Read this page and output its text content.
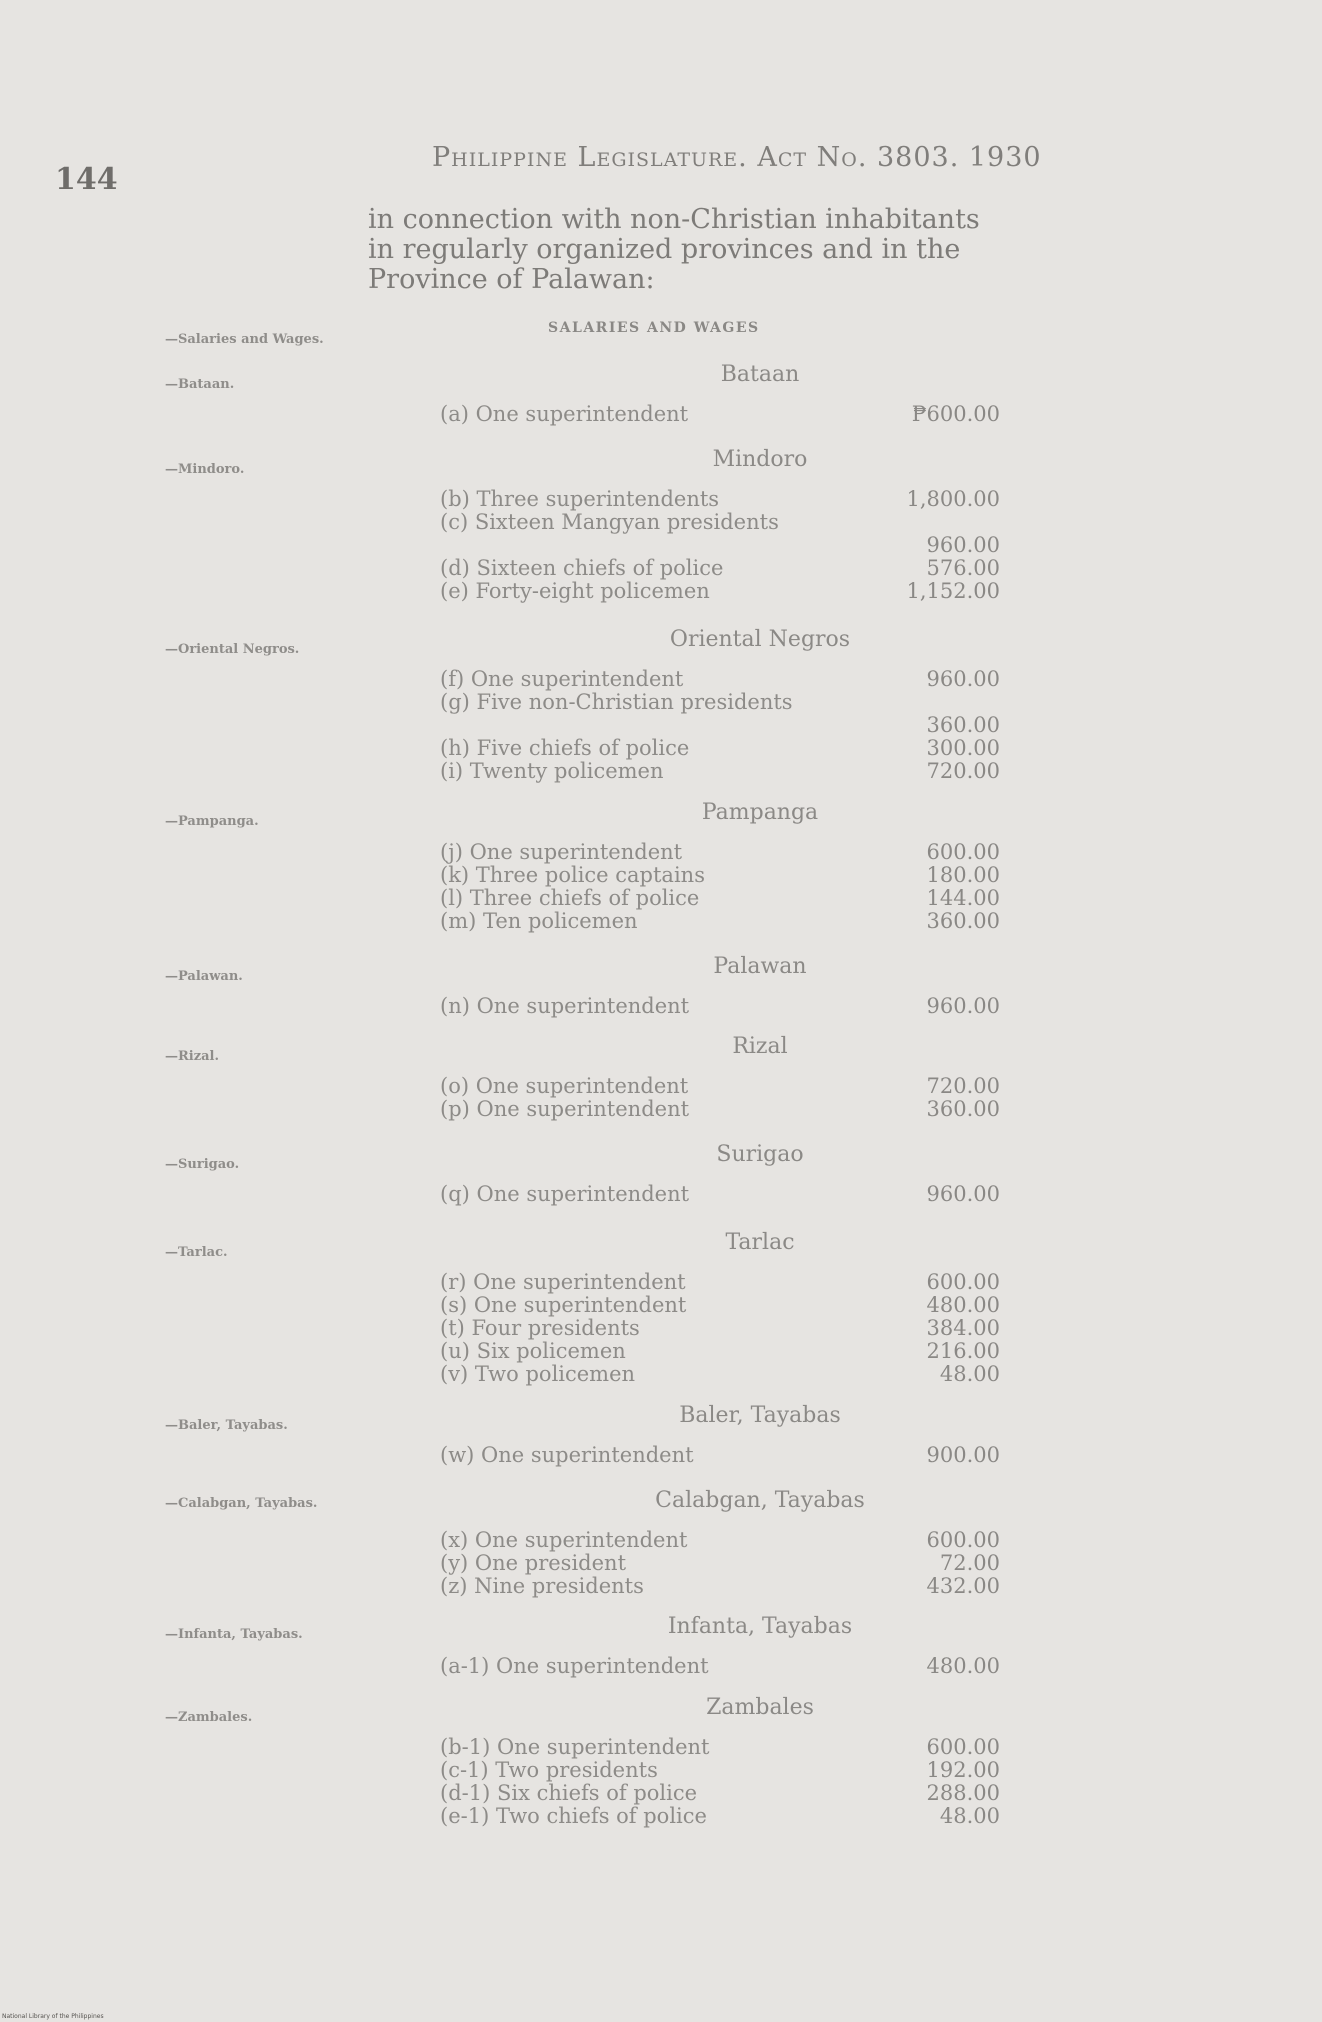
144
Philippine Legislature. Act No. 3803. 1930
in connection with non-Christian inhabitants in regularly organized provinces and in the Province of Palawan:
SALARIES AND WAGES
—Salaries and Wages.
—Bataan.
—Mindoro.
—Oriental Negros.
—Pampanga.
—Palawan.
—Rizal.
—Surigao.
—Tarlac.
—Baler, Tayabas.
—Calabgan, Tayabas.
—Infanta, Tayabas.
—Zambales.
Bataan
(a) One superintendent	₱600.00
Mindoro
(b) Three superintendents	1,800.00
(c) Sixteen Mangyan presidents
960.00
(d) Sixteen chiefs of police	576.00
(e) Forty-eight policemen	1,152.00
Oriental Negros
(f) One superintendent	960.00
(g) Five non-Christian presidents
360.00
(h) Five chiefs of police	300.00
(i) Twenty policemen	720.00
Pampanga
(j) One superintendent	600.00
(k) Three police captains	180.00
(l) Three chiefs of police	144.00
(m) Ten policemen	360.00
Palawan
(n) One superintendent	960.00
Rizal
(o) One superintendent	720.00
(p) One superintendent	360.00
Surigao
(q) One superintendent	960.00
Tarlac
(r) One superintendent	600.00
(s) One superintendent	480.00
(t) Four presidents	384.00
(u) Six policemen	216.00
(v) Two policemen	48.00
Baler, Tayabas
(w) One superintendent	900.00
Calabgan, Tayabas
(x) One superintendent	600.00
(y) One president	72.00
(z) Nine presidents	432.00
Infanta, Tayabas
(a-1) One superintendent	480.00
Zambales
(b-1) One superintendent	600.00
(c-1) Two presidents	192.00
(d-1) Six chiefs of police	288.00
(e-1) Two chiefs of police	48.00
National Library of the Philippines
